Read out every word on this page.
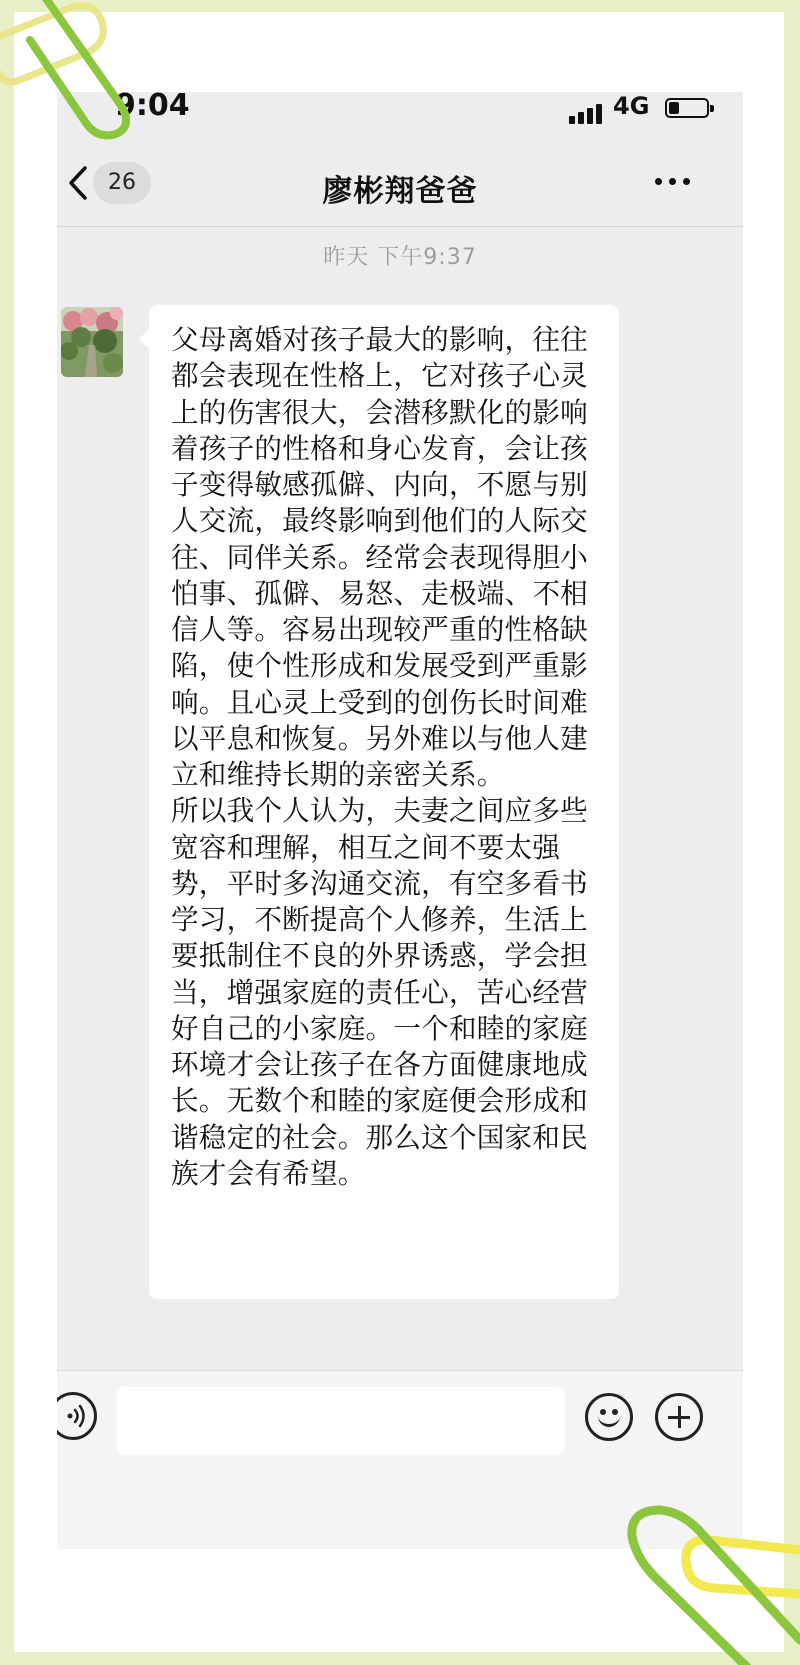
9:04	4G
26	廖彬翔爸爸
昨天 下午9:37
父母离婚对孩子最大的影响，往往都会表现在性格上，它对孩子心灵上的伤害很大，会潜移默化的影响着孩子的性格和身心发育，会让孩子变得敏感孤僻、内向，不愿与别人交流，最终影响到他们的人际交往、同伴关系。经常会表现得胆小怕事、孤僻、易怒、走极端、不相信人等。容易出现较严重的性格缺陷，使个性形成和发展受到严重影响。且心灵上受到的创伤长时间难以平息和恢复。另外难以与他人建立和维持长期的亲密关系。
所以我个人认为，夫妻之间应多些宽容和理解，相互之间不要太强势，平时多沟通交流，有空多看书学习，不断提高个人修养，生活上要抵制住不良的外界诱惑，学会担当，增强家庭的责任心，苦心经营好自己的小家庭。一个和睦的家庭环境才会让孩子在各方面健康地成长。无数个和睦的家庭便会形成和谐稳定的社会。那么这个国家和民族才会有希望。
